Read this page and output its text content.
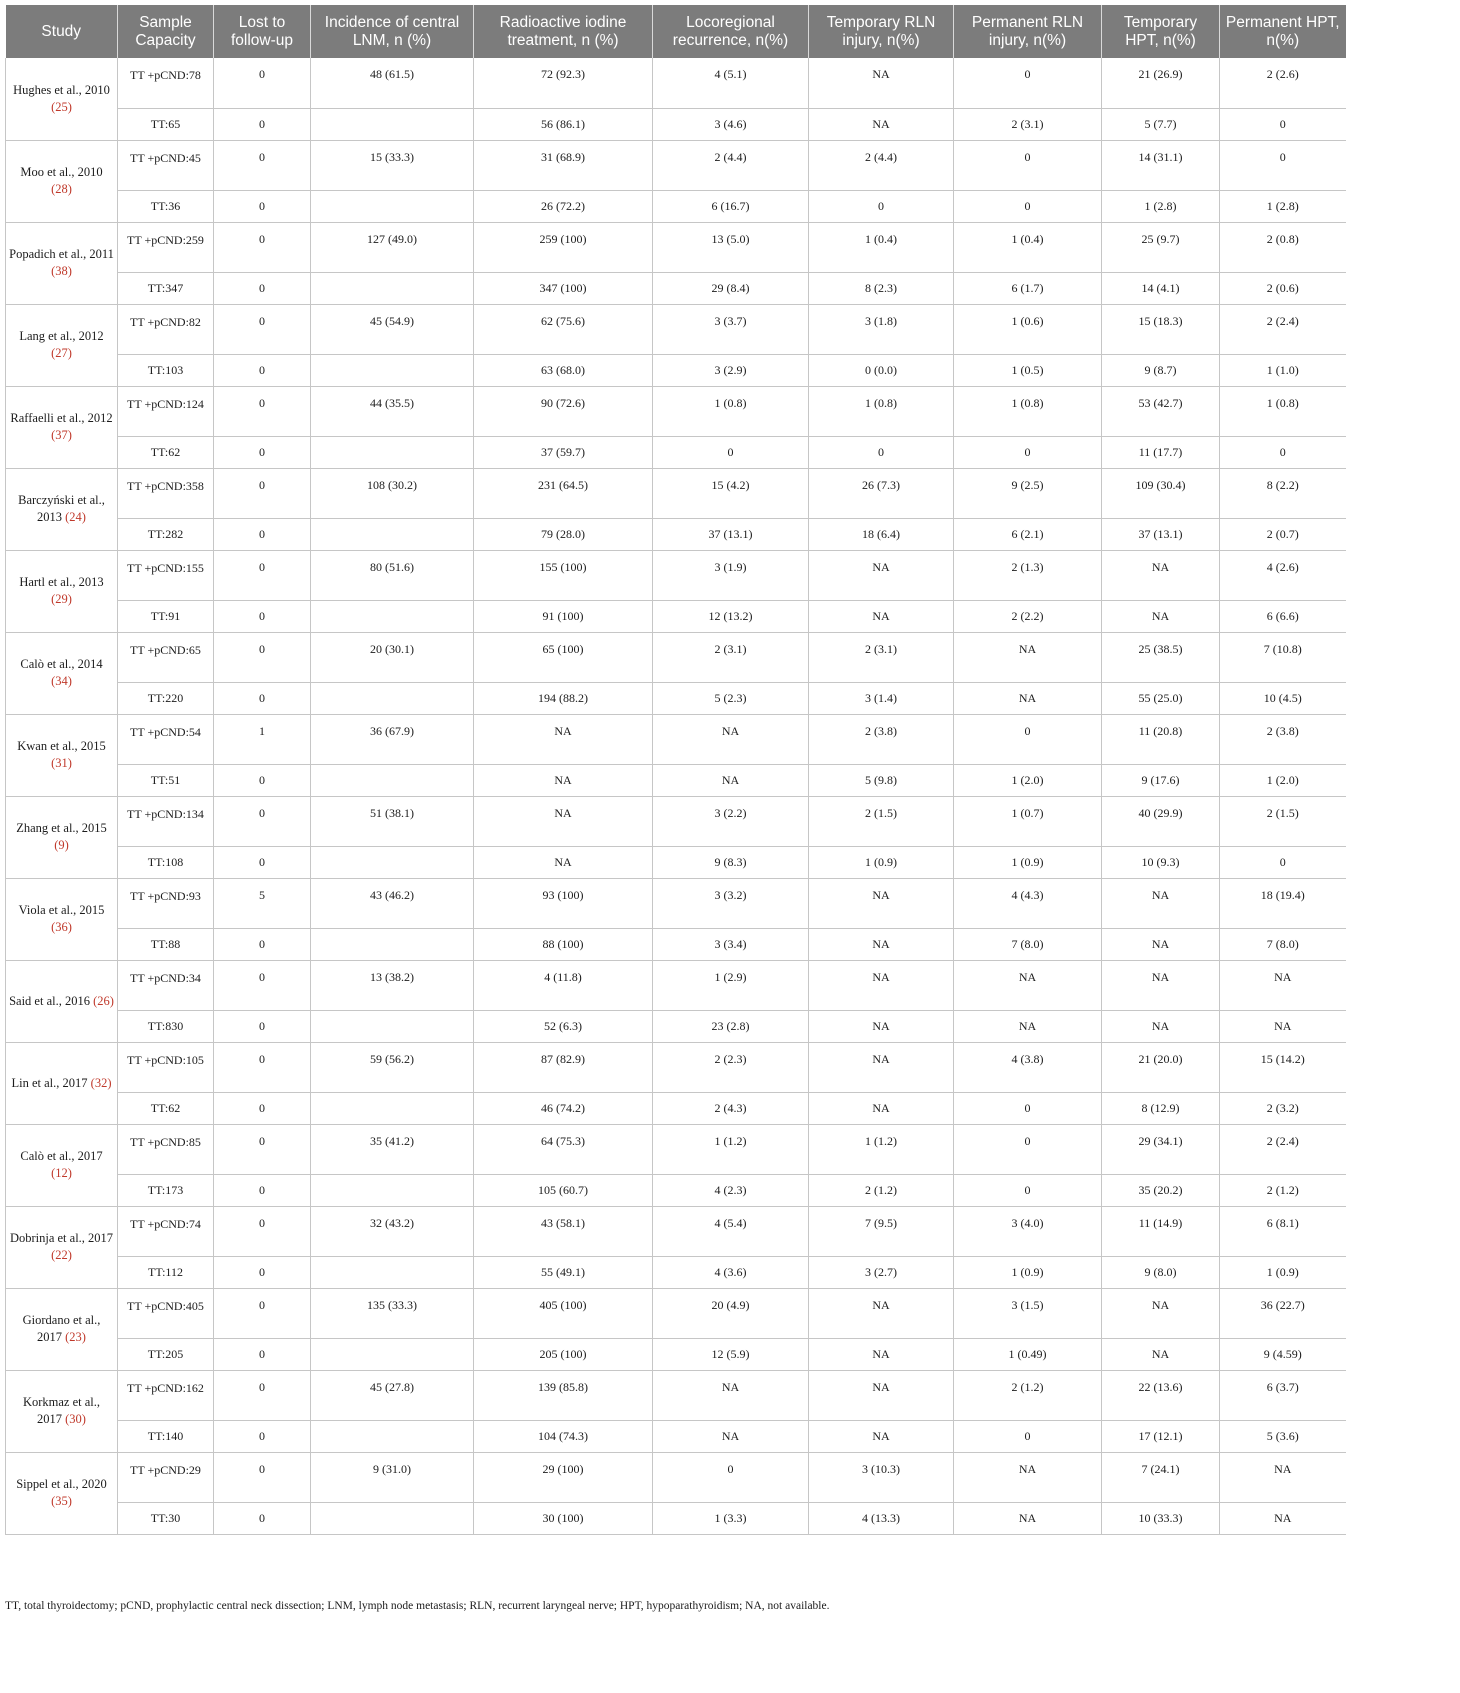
Study	Sample Capacity	Lost to follow-up	Incidence of central LNM, n (%)	Radioactive iodine treatment, n (%)	Locoregional recurrence, n(%)	Temporary RLN injury, n(%)	Permanent RLN injury, n(%)	Temporary HPT, n(%)	Permanent HPT, n(%)
Hughes et al., 2010 (25)	TT +pCND:78	0	48 (61.5)	72 (92.3)	4 (5.1)	NA	0	21 (26.9)	2 (2.6)
	TT:65	0		56 (86.1)	3 (4.6)	NA	2 (3.1)	5 (7.7)	0
Moo et al., 2010 (28)	TT +pCND:45	0	15 (33.3)	31 (68.9)	2 (4.4)	2 (4.4)	0	14 (31.1)	0
	TT:36	0		26 (72.2)	6 (16.7)	0	0	1 (2.8)	1 (2.8)
Popadich et al., 2011 (38)	TT +pCND:259	0	127 (49.0)	259 (100)	13 (5.0)	1 (0.4)	1 (0.4)	25 (9.7)	2 (0.8)
	TT:347	0		347 (100)	29 (8.4)	8 (2.3)	6 (1.7)	14 (4.1)	2 (0.6)
Lang et al., 2012 (27)	TT +pCND:82	0	45 (54.9)	62 (75.6)	3 (3.7)	3 (1.8)	1 (0.6)	15 (18.3)	2 (2.4)
	TT:103	0		63 (68.0)	3 (2.9)	0 (0.0)	1 (0.5)	9 (8.7)	1 (1.0)
Raffaelli et al., 2012 (37)	TT +pCND:124	0	44 (35.5)	90 (72.6)	1 (0.8)	1 (0.8)	1 (0.8)	53 (42.7)	1 (0.8)
	TT:62	0		37 (59.7)	0	0	0	11 (17.7)	0
Barczyński et al., 2013 (24)	TT +pCND:358	0	108 (30.2)	231 (64.5)	15 (4.2)	26 (7.3)	9 (2.5)	109 (30.4)	8 (2.2)
	TT:282	0		79 (28.0)	37 (13.1)	18 (6.4)	6 (2.1)	37 (13.1)	2 (0.7)
Hartl et al., 2013 (29)	TT +pCND:155	0	80 (51.6)	155 (100)	3 (1.9)	NA	2 (1.3)	NA	4 (2.6)
	TT:91	0		91 (100)	12 (13.2)	NA	2 (2.2)	NA	6 (6.6)
Calò et al., 2014 (34)	TT +pCND:65	0	20 (30.1)	65 (100)	2 (3.1)	2 (3.1)	NA	25 (38.5)	7 (10.8)
	TT:220	0		194 (88.2)	5 (2.3)	3 (1.4)	NA	55 (25.0)	10 (4.5)
Kwan et al., 2015 (31)	TT +pCND:54	1	36 (67.9)	NA	NA	2 (3.8)	0	11 (20.8)	2 (3.8)
	TT:51	0		NA	NA	5 (9.8)	1 (2.0)	9 (17.6)	1 (2.0)
Zhang et al., 2015 (9)	TT +pCND:134	0	51 (38.1)	NA	3 (2.2)	2 (1.5)	1 (0.7)	40 (29.9)	2 (1.5)
	TT:108	0		NA	9 (8.3)	1 (0.9)	1 (0.9)	10 (9.3)	0
Viola et al., 2015 (36)	TT +pCND:93	5	43 (46.2)	93 (100)	3 (3.2)	NA	4 (4.3)	NA	18 (19.4)
	TT:88	0		88 (100)	3 (3.4)	NA	7 (8.0)	NA	7 (8.0)
Said et al., 2016 (26)	TT +pCND:34	0	13 (38.2)	4 (11.8)	1 (2.9)	NA	NA	NA	NA
	TT:830	0		52 (6.3)	23 (2.8)	NA	NA	NA	NA
Lin et al., 2017 (32)	TT +pCND:105	0	59 (56.2)	87 (82.9)	2 (2.3)	NA	4 (3.8)	21 (20.0)	15 (14.2)
	TT:62	0		46 (74.2)	2 (4.3)	NA	0	8 (12.9)	2 (3.2)
Calò et al., 2017 (12)	TT +pCND:85	0	35 (41.2)	64 (75.3)	1 (1.2)	1 (1.2)	0	29 (34.1)	2 (2.4)
	TT:173	0		105 (60.7)	4 (2.3)	2 (1.2)	0	35 (20.2)	2 (1.2)
Dobrinja et al., 2017 (22)	TT +pCND:74	0	32 (43.2)	43 (58.1)	4 (5.4)	7 (9.5)	3 (4.0)	11 (14.9)	6 (8.1)
	TT:112	0		55 (49.1)	4 (3.6)	3 (2.7)	1 (0.9)	9 (8.0)	1 (0.9)
Giordano et al., 2017 (23)	TT +pCND:405	0	135 (33.3)	405 (100)	20 (4.9)	NA	3 (1.5)	NA	36 (22.7)
	TT:205	0		205 (100)	12 (5.9)	NA	1 (0.49)	NA	9 (4.59)
Korkmaz et al., 2017 (30)	TT +pCND:162	0	45 (27.8)	139 (85.8)	NA	NA	2 (1.2)	22 (13.6)	6 (3.7)
	TT:140	0		104 (74.3)	NA	NA	0	17 (12.1)	5 (3.6)
Sippel et al., 2020 (35)	TT +pCND:29	0	9 (31.0)	29 (100)	0	3 (10.3)	NA	7 (24.1)	NA
	TT:30	0		30 (100)	1 (3.3)	4 (13.3)	NA	10 (33.3)	NA
TT, total thyroidectomy; pCND, prophylactic central neck dissection; LNM, lymph node metastasis; RLN, recurrent laryngeal nerve; HPT, hypoparathyroidism; NA, not available.
